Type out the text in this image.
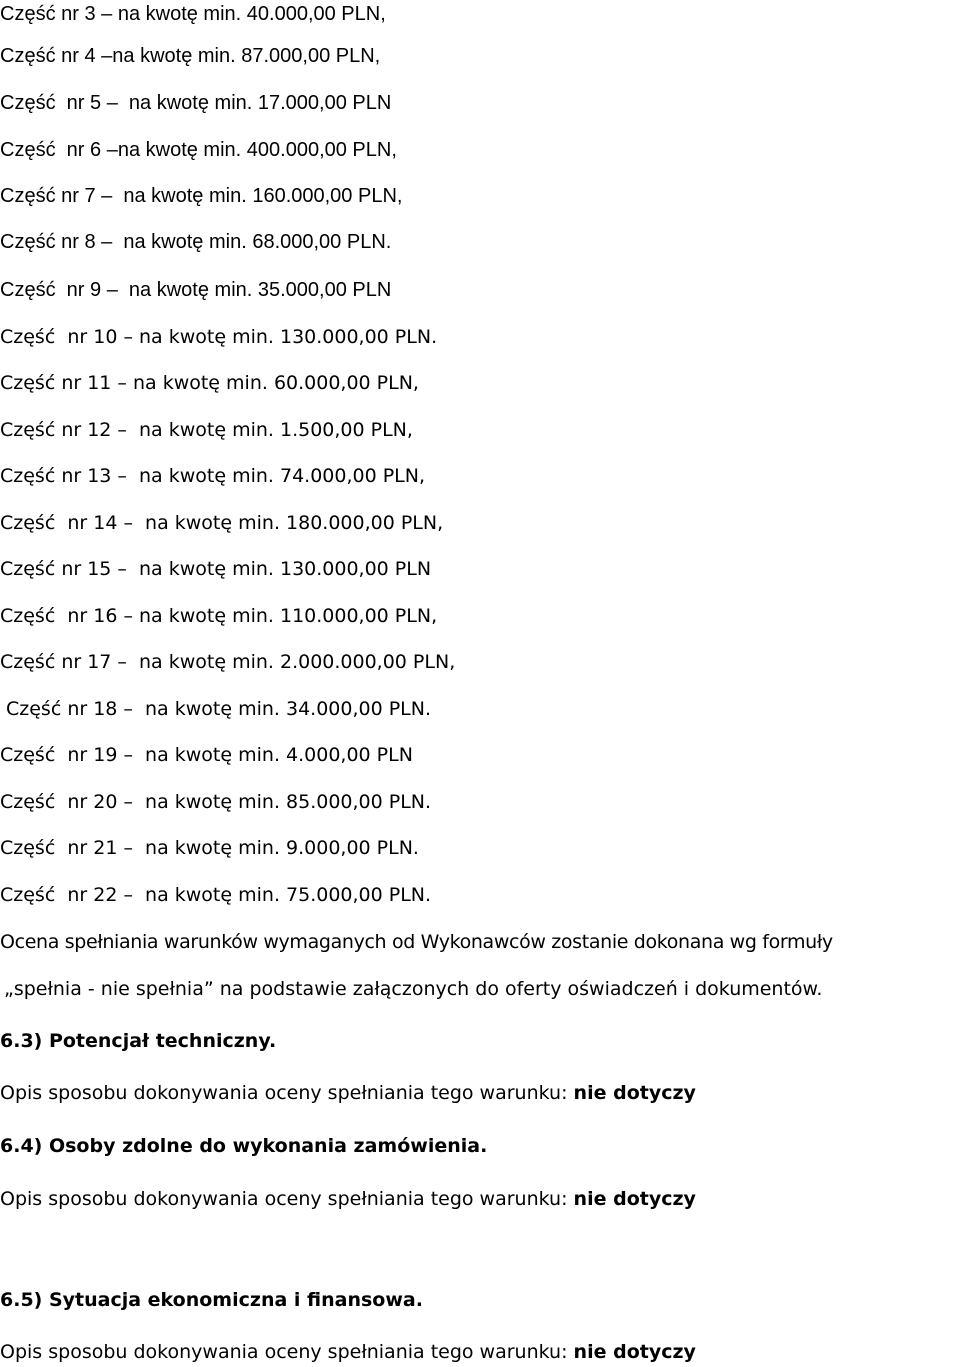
Część nr 3 – na kwotę min. 40.000,00 PLN,
Część nr 4 –na kwotę min. 87.000,00 PLN,
Część  nr 5 –  na kwotę min. 17.000,00 PLN
Część  nr 6 –na kwotę min. 400.000,00 PLN,
Część nr 7 –  na kwotę min. 160.000,00 PLN,
Część nr 8 –  na kwotę min. 68.000,00 PLN.
Część  nr 9 –  na kwotę min. 35.000,00 PLN
Część  nr 10 – na kwotę min. 130.000,00 PLN.
Część nr 11 – na kwotę min. 60.000,00 PLN,
Część nr 12 –  na kwotę min. 1.500,00 PLN,
Część nr 13 –  na kwotę min. 74.000,00 PLN,
Część  nr 14 –  na kwotę min. 180.000,00 PLN,
Część nr 15 –  na kwotę min. 130.000,00 PLN
Część  nr 16 – na kwotę min. 110.000,00 PLN,
Część nr 17 –  na kwotę min. 2.000.000,00 PLN,
Część nr 18 –  na kwotę min. 34.000,00 PLN.
Część  nr 19 –  na kwotę min. 4.000,00 PLN
Część  nr 20 –  na kwotę min. 85.000,00 PLN.
Część  nr 21 –  na kwotę min. 9.000,00 PLN.
Część  nr 22 –  na kwotę min. 75.000,00 PLN.
Ocena spełniania warunków wymaganych od Wykonawców zostanie dokonana wg formuły
„spełnia - nie spełnia” na podstawie załączonych do oferty oświadczeń i dokumentów.
6.3) Potencjał techniczny.
Opis sposobu dokonywania oceny spełniania tego warunku: nie dotyczy
6.4) Osoby zdolne do wykonania zamówienia.
Opis sposobu dokonywania oceny spełniania tego warunku: nie dotyczy
6.5) Sytuacja ekonomiczna i finansowa.
Opis sposobu dokonywania oceny spełniania tego warunku: nie dotyczy
